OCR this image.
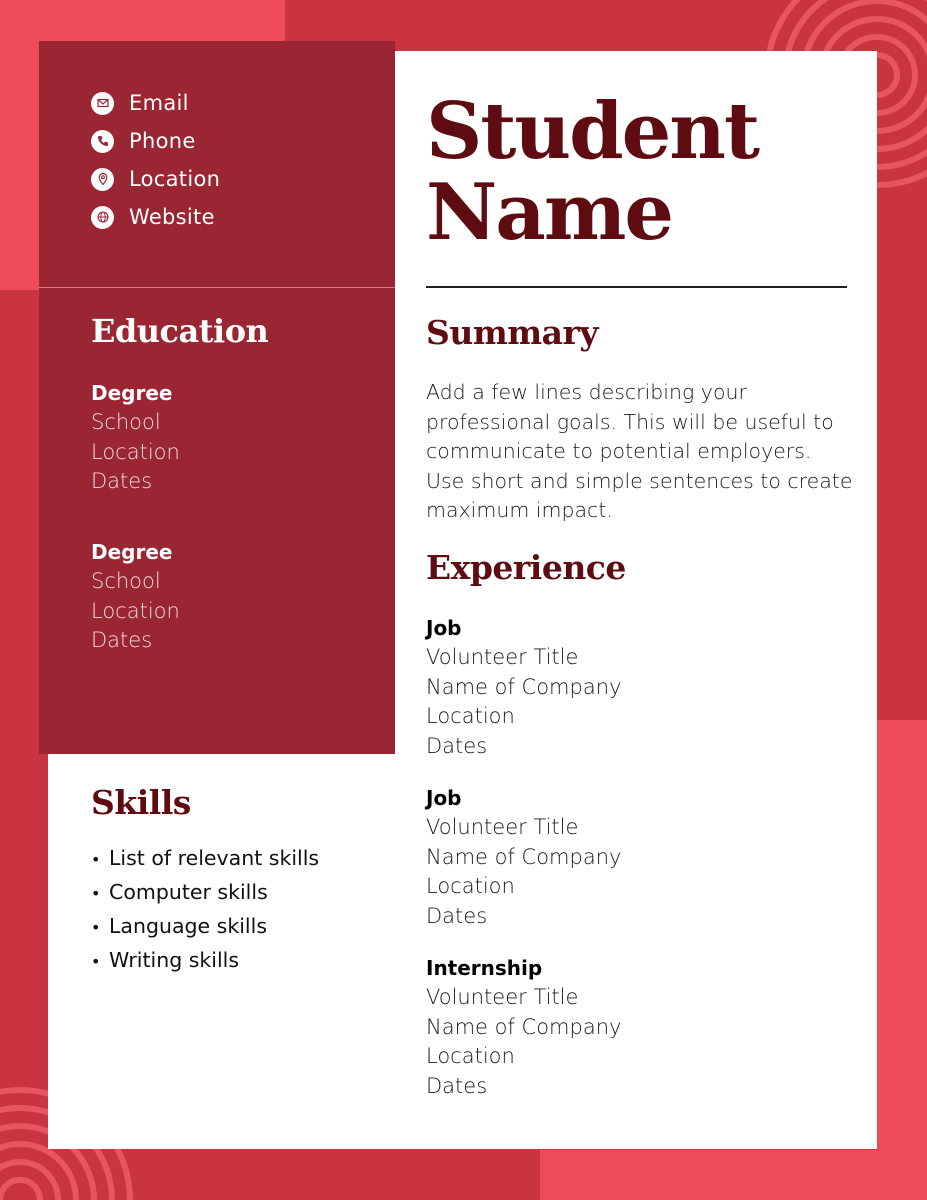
Email
Phone
Location
Website
Education
Degree
School
Location
Dates
Degree
School
Location
Dates
Skills
• List of relevant skills
• Computer skills
• Language skills
• Writing skills
Student
Name
Summary

Add a few lines describing your professional goals. This will be useful to communicate to potential employers. Use short and simple sentences to create maximum impact.

Experience
Job
Volunteer Title
Name of Company
Location
Dates
Job
Volunteer Title
Name of Company
Location
Dates
Internship
Volunteer Title
Name of Company
Location
Dates
